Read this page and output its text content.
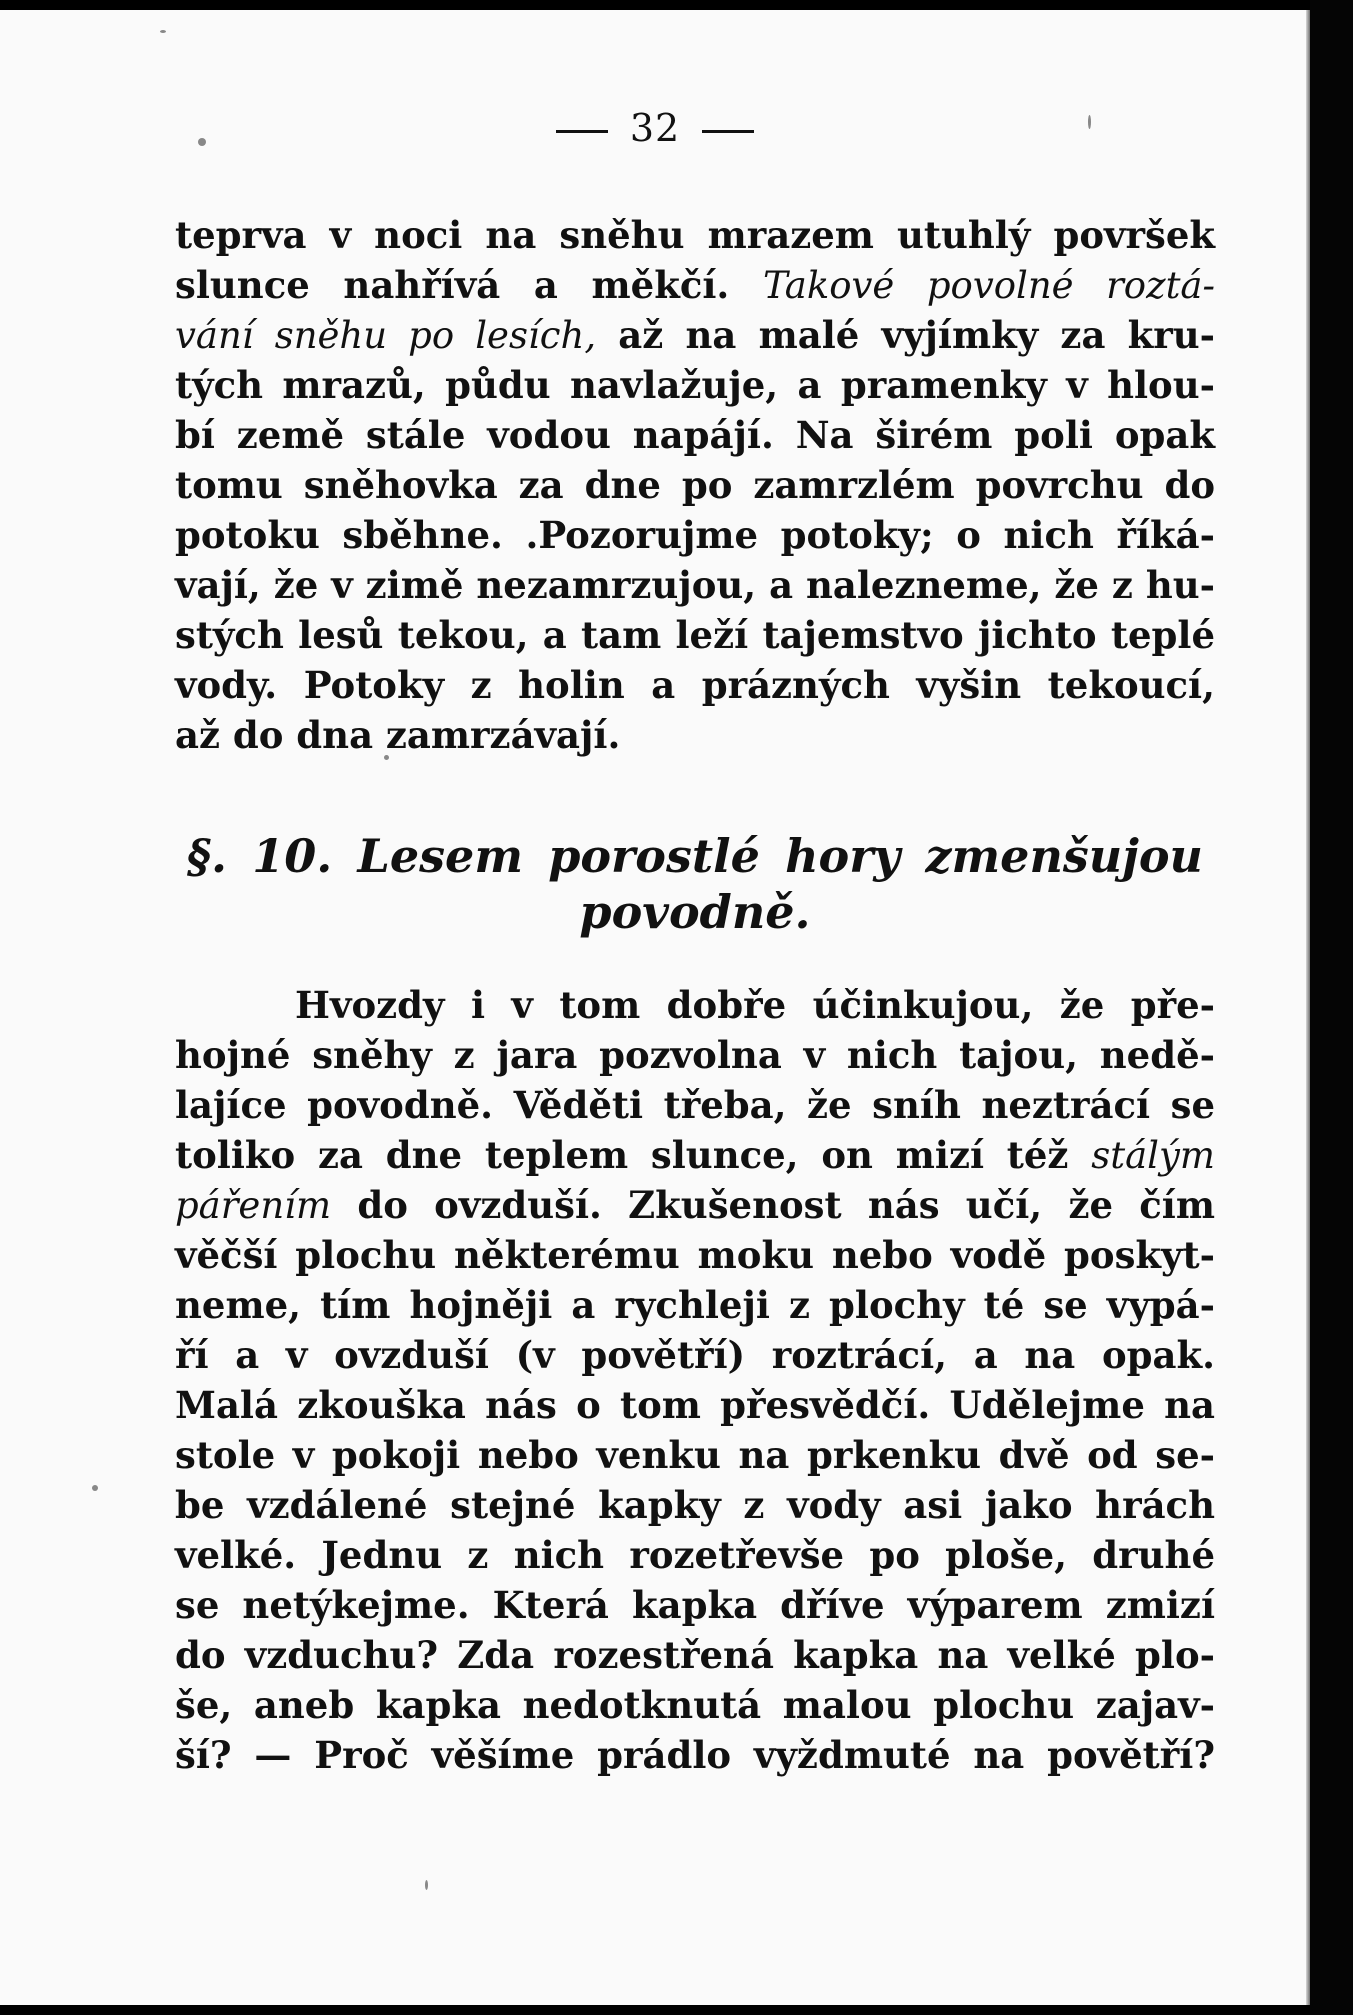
32
teprva v noci na sněhu mrazem utuhlý površek
slunce nahřívá a měkčí. Takové povolné roztá-
vání sněhu po lesích, až na malé vyjímky za kru-
tých mrazů, půdu navlažuje, a pramenky v hlou-
bí země stále vodou napájí. Na širém poli opak
tomu sněhovka za dne po zamrzlém povrchu do
potoku sběhne. .Pozorujme potoky; o nich říká-
vají, že v zimě nezamrzujou, a nalezneme, že z hu-
stých lesů tekou, a tam leží tajemstvo jichto teplé
vody. Potoky z holin a prázných vyšin tekoucí,
až do dna zamrzávají.
§. 10. Lesem porostlé hory zmenšujou
povodně.
Hvozdy i v tom dobře účinkujou, že pře-
hojné sněhy z jara pozvolna v nich tajou, nedě-
lajíce povodně. Věděti třeba, že sníh neztrácí se
toliko za dne teplem slunce, on mizí též stálým
pářením do ovzduší. Zkušenost nás učí, že čím
věčší plochu některému moku nebo vodě poskyt-
neme, tím hojněji a rychleji z plochy té se vypá-
ří a v ovzduší (v povětří) roztrácí, a na opak.
Malá zkouška nás o tom přesvědčí. Udělejme na
stole v pokoji nebo venku na prkenku dvě od se-
be vzdálené stejné kapky z vody asi jako hrách
velké. Jednu z nich rozetřevše po ploše, druhé
se netýkejme. Která kapka dříve výparem zmizí
do vzduchu? Zda rozestřená kapka na velké plo-
še, aneb kapka nedotknutá malou plochu zajav-
ší? — Proč věšíme prádlo vyždmuté na povětří?
